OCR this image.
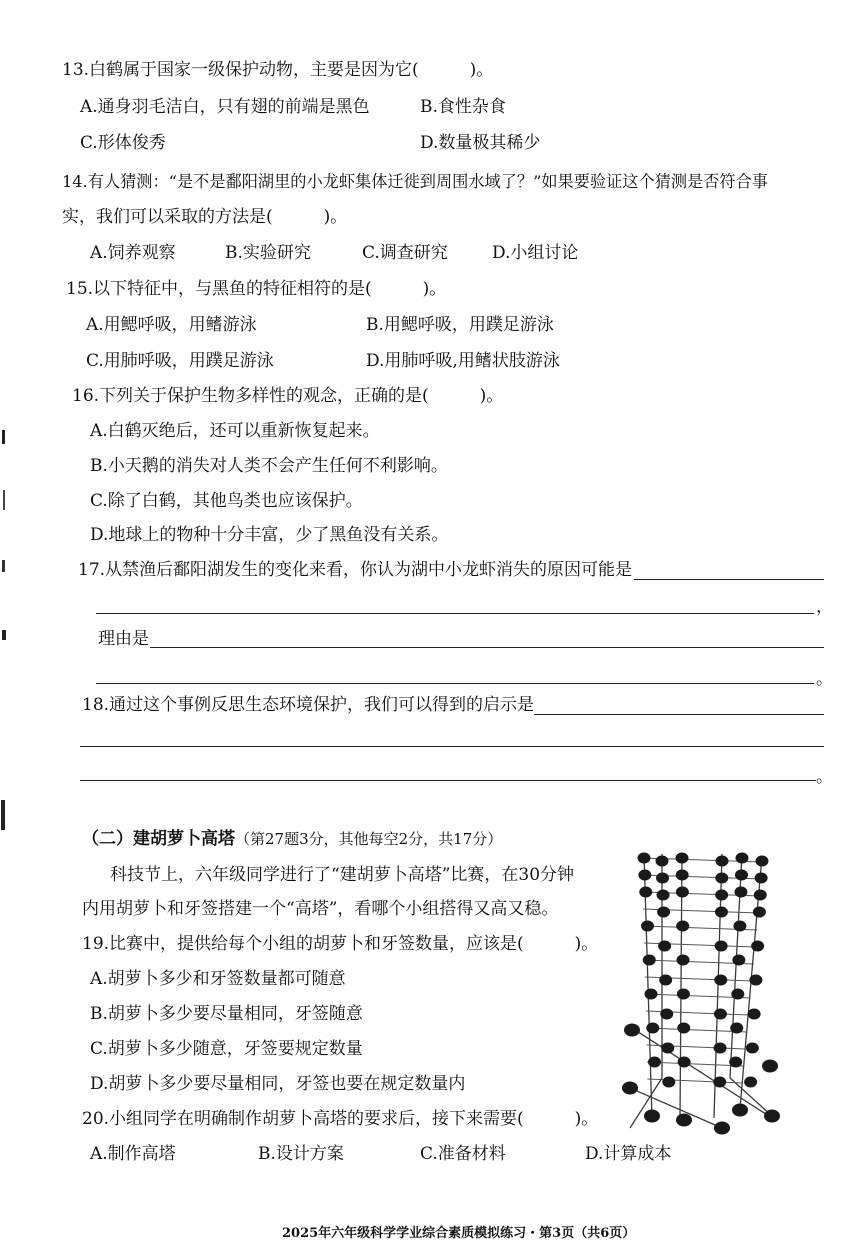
13.白鹤属于国家一级保护动物，主要是因为它(　　　)。
A.通身羽毛洁白，只有翅的前端是黑色	B.食性杂食
C.形体俊秀	D.数量极其稀少
14.有人猜测：“是不是鄱阳湖里的小龙虾集体迁徙到周围水域了？”如果要验证这个猜测是否符合事
实，我们可以采取的方法是(　　　)。
A.饲养观察	B.实验研究	C.调查研究	D.小组讨论
15.以下特征中，与黑鱼的特征相符的是(　　　)。
A.用鳃呼吸，用鳍游泳	B.用鳃呼吸，用蹼足游泳
C.用肺呼吸，用蹼足游泳	D.用肺呼吸,用鳍状肢游泳
16.下列关于保护生物多样性的观念，正确的是(　　　)。
A.白鹤灭绝后，还可以重新恢复起来。
B.小天鹅的消失对人类不会产生任何不利影响。
C.除了白鹤，其他鸟类也应该保护。
D.地球上的物种十分丰富，少了黑鱼没有关系。
17.从禁渔后鄱阳湖发生的变化来看，你认为湖中小龙虾消失的原因可能是
，
理由是
。
18.通过这个事例反思生态环境保护，我们可以得到的启示是
。
（二）建胡萝卜高塔（第27题3分，其他每空2分，共17分）
科技节上，六年级同学进行了“建胡萝卜高塔”比赛，在30分钟
内用胡萝卜和牙签搭建一个“高塔”，看哪个小组搭得又高又稳。
19.比赛中，提供给每个小组的胡萝卜和牙签数量，应该是(　　　)。
A.胡萝卜多少和牙签数量都可随意
B.胡萝卜多少要尽量相同，牙签随意
C.胡萝卜多少随意，牙签要规定数量
D.胡萝卜多少要尽量相同，牙签也要在规定数量内
20.小组同学在明确制作胡萝卜高塔的要求后，接下来需要(　　　)。
A.制作高塔	B.设计方案	C.准备材料	D.计算成本
2025年六年级科学学业综合素质模拟练习・第3页（共6页）
